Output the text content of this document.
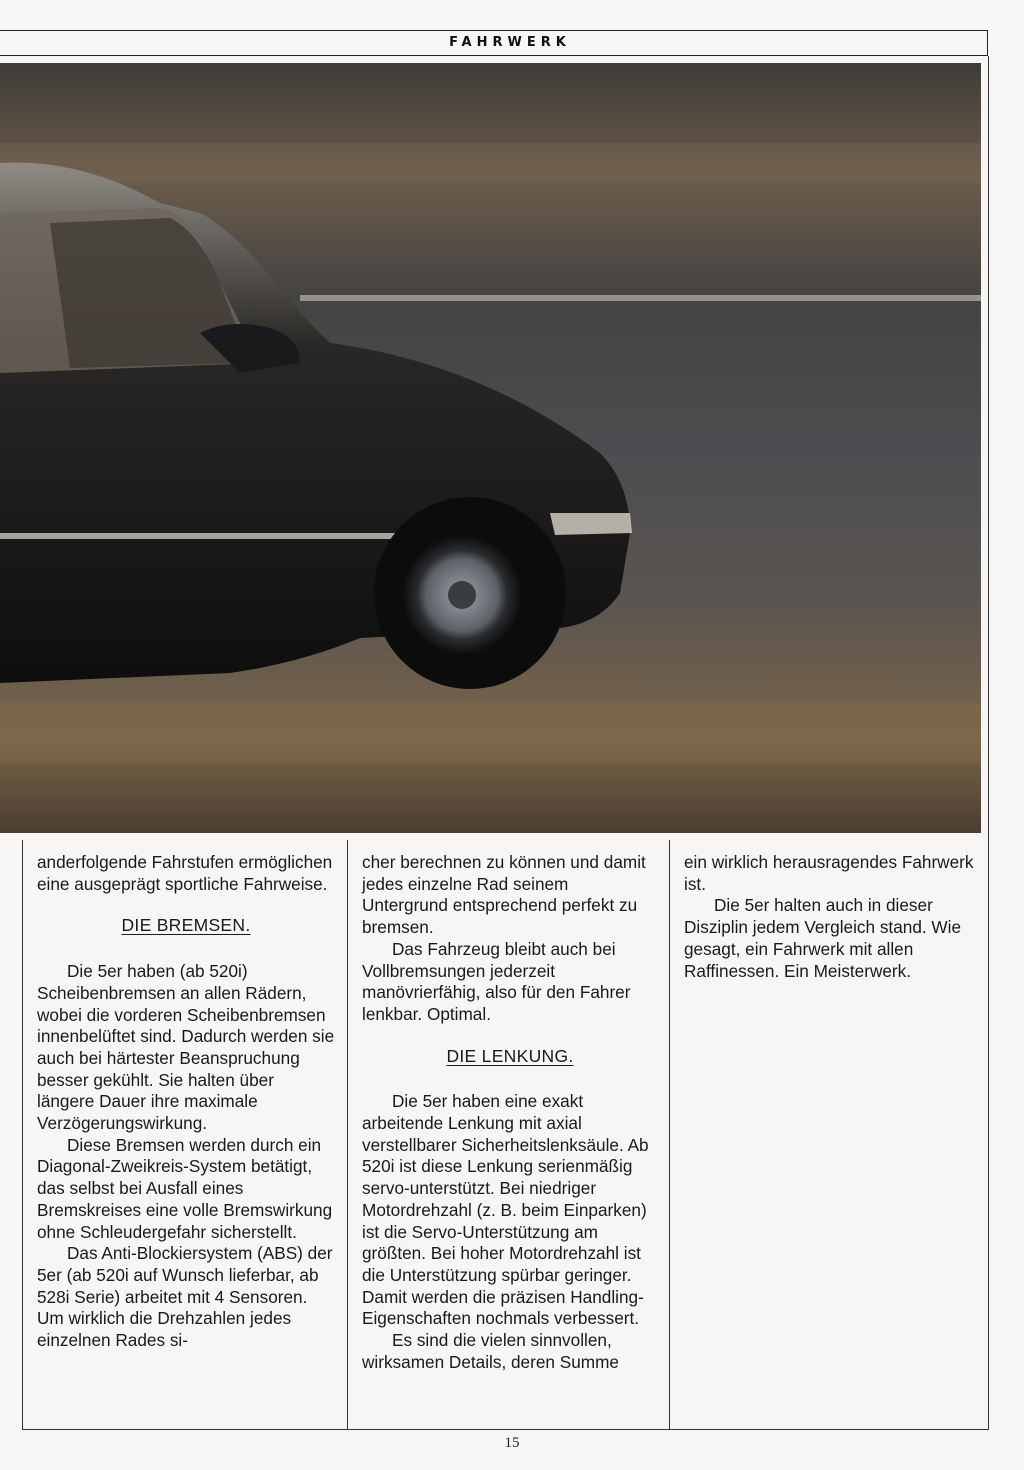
FAHRWERK

anderfolgende Fahrstufen ermöglichen eine ausgeprägt sportliche Fahrweise.

DIE BREMSEN.

Die 5er haben (ab 520i) Scheibenbremsen an allen Rädern, wobei die vorderen Scheibenbremsen innenbelüftet sind. Dadurch werden sie auch bei härtester Beanspruchung besser gekühlt. Sie halten über längere Dauer ihre maximale Verzögerungswirkung.

Diese Bremsen werden durch ein Diagonal-Zweikreis-System betätigt, das selbst bei Ausfall eines Bremskreises eine volle Bremswirkung ohne Schleudergefahr sicherstellt.

Das Anti-Blockiersystem (ABS) der 5er (ab 520i auf Wunsch lieferbar, ab 528i Serie) arbeitet mit 4 Sensoren. Um wirklich die Drehzahlen jedes einzelnen Rades si-

cher berechnen zu können und damit jedes einzelne Rad seinem Untergrund entsprechend perfekt zu bremsen.

Das Fahrzeug bleibt auch bei Vollbremsungen jederzeit manövrierfähig, also für den Fahrer lenkbar. Optimal.

DIE LENKUNG.

Die 5er haben eine exakt arbeitende Lenkung mit axial verstellbarer Sicherheitslenksäule. Ab 520i ist diese Lenkung serienmäßig servo-unterstützt. Bei niedriger Motordrehzahl (z. B. beim Einparken) ist die Servo-Unterstützung am größten. Bei hoher Motordrehzahl ist die Unterstützung spürbar geringer. Damit werden die präzisen Handling-Eigenschaften nochmals verbessert.

Es sind die vielen sinnvollen, wirksamen Details, deren Summe

ein wirklich herausragendes Fahrwerk ist.

Die 5er halten auch in dieser Disziplin jedem Vergleich stand. Wie gesagt, ein Fahrwerk mit allen Raffinessen. Ein Meisterwerk.

15
